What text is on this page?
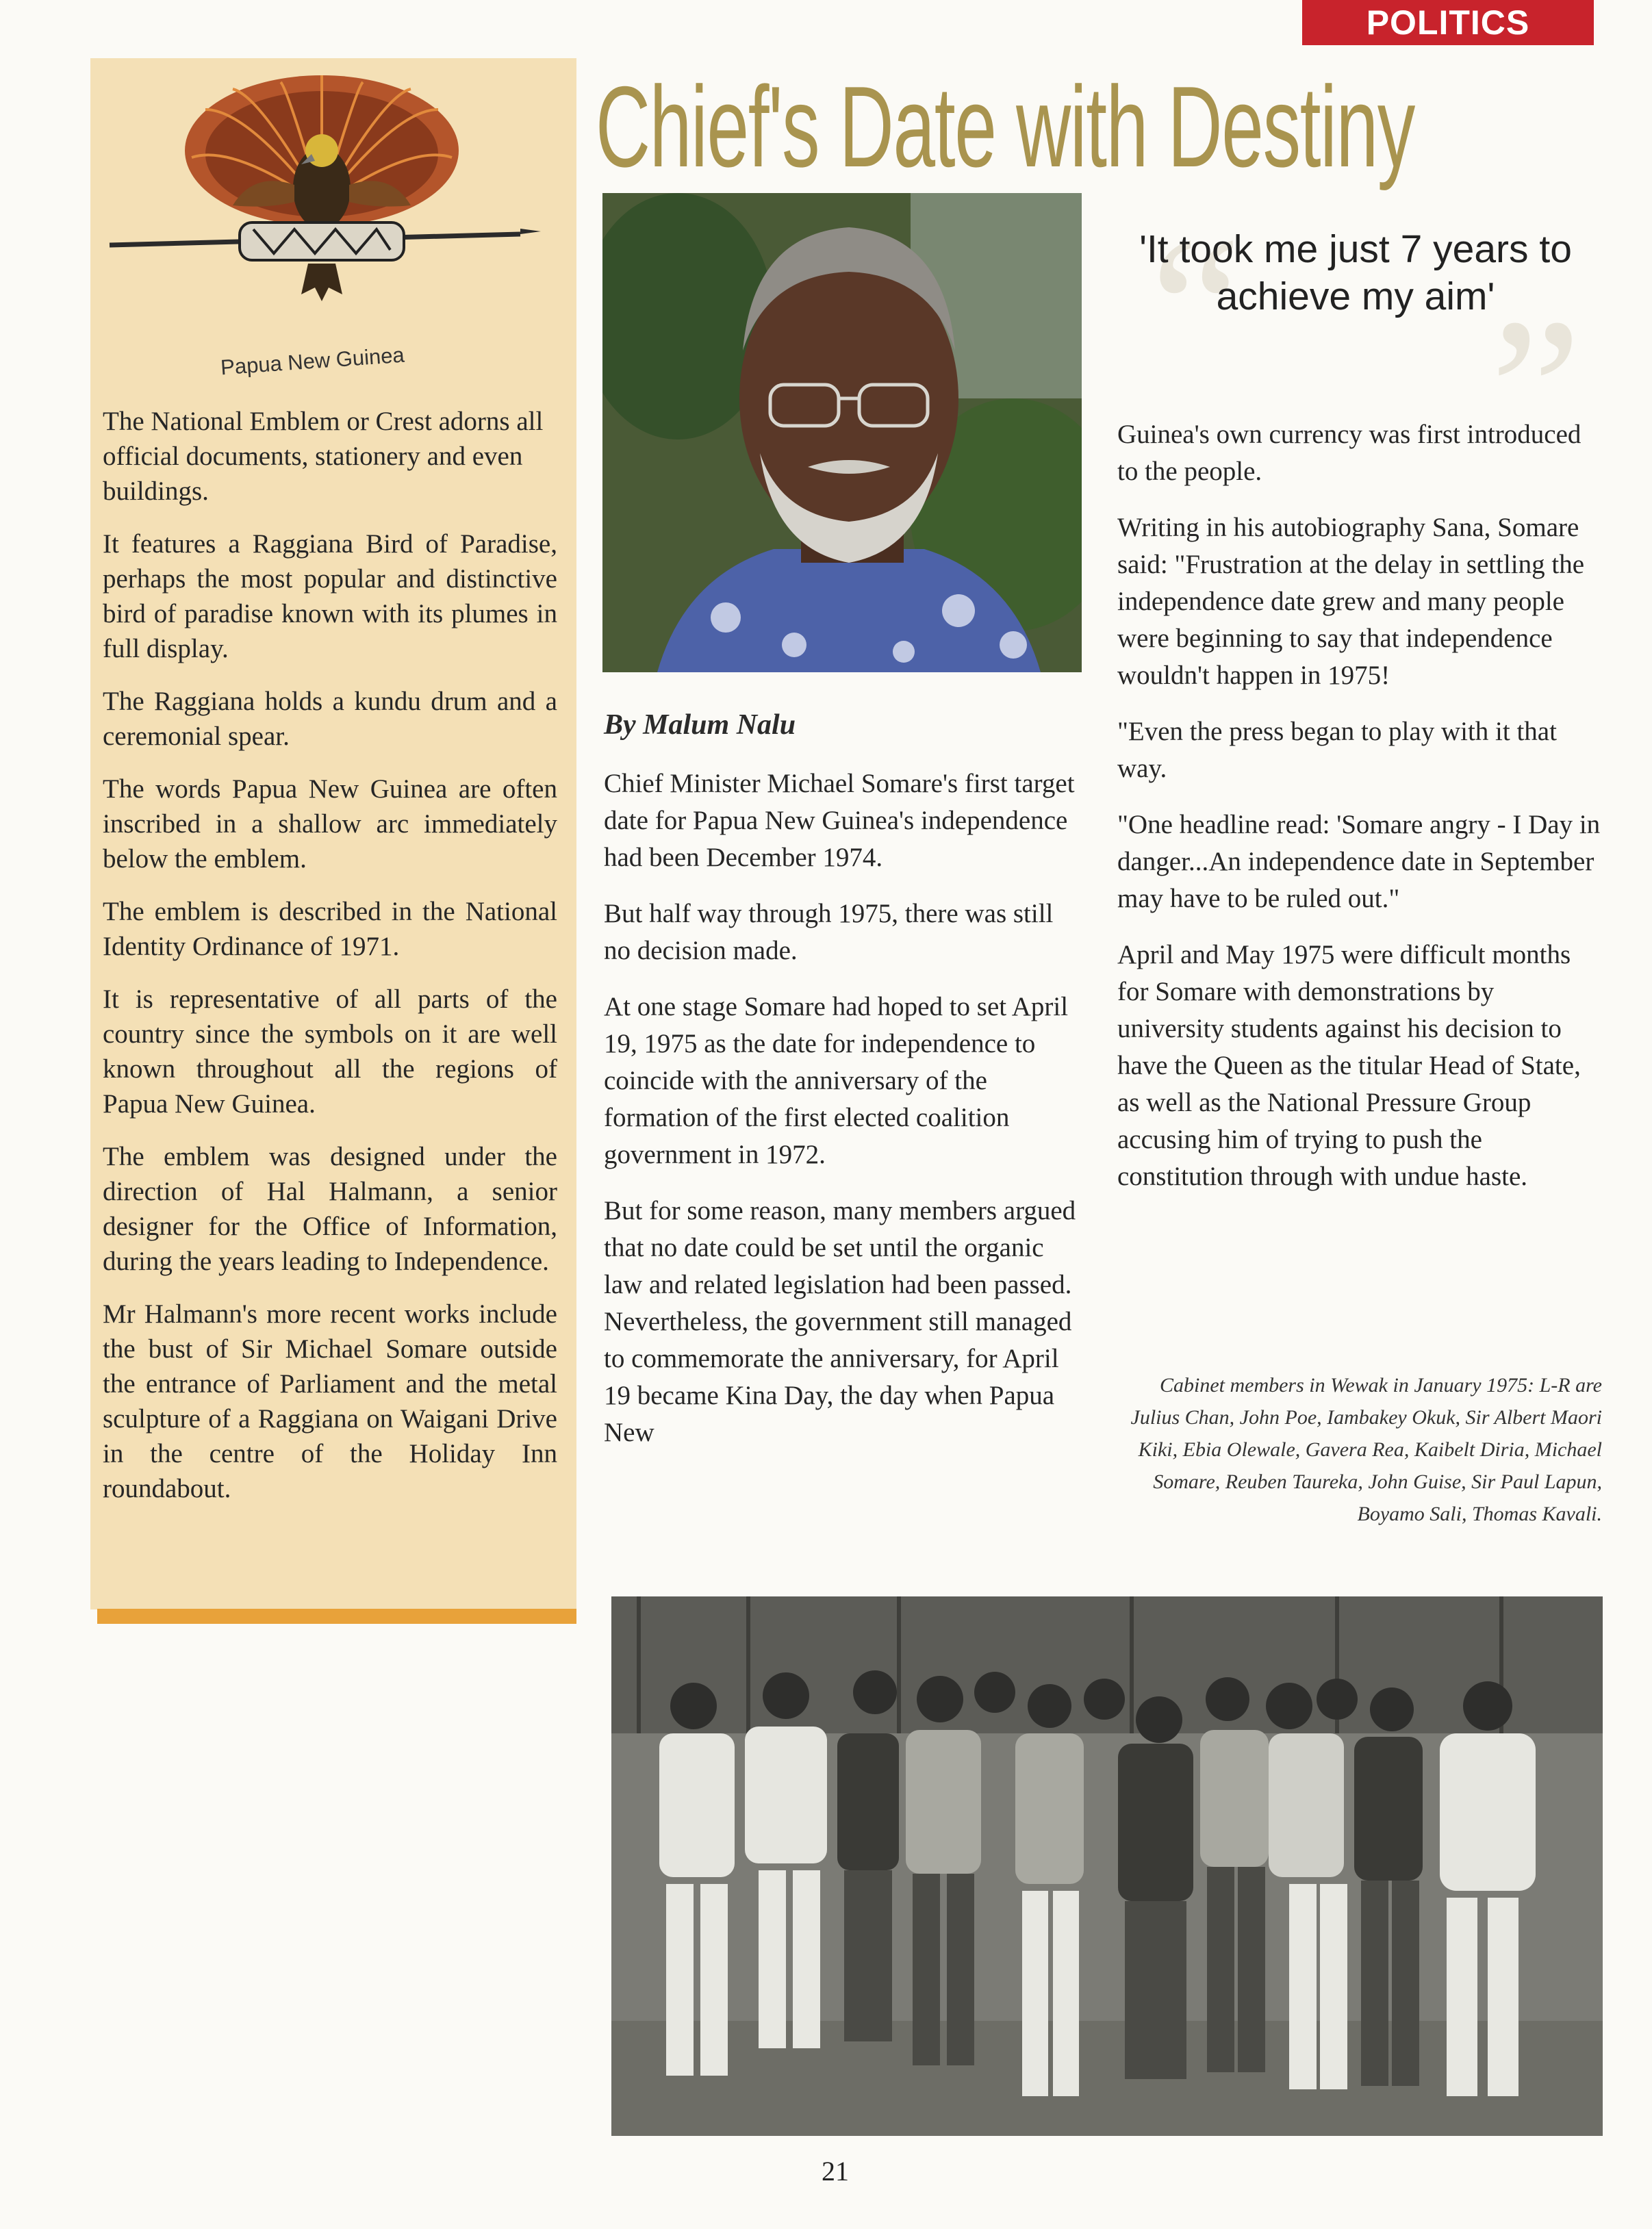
POLITICS
Papua New Guinea

The National Emblem or Crest adorns all official documents, stationery and even buildings.

It features a Raggiana Bird of Paradise, perhaps the most popular and distinctive bird of paradise known with its plumes in full display.

The Raggiana holds a kundu drum and a ceremonial spear.

The words Papua New Guinea are often inscribed in a shallow arc immediately below the emblem.

The emblem is described in the National Identity Ordinance of 1971.

It is representative of all parts of the country since the symbols on it are well known throughout all the regions of Papua New Guinea.

The emblem was designed under the direction of Hal Halmann, a senior designer for the Office of Information, during the years leading to Independence.

Mr Halmann's more recent works include the bust of Sir Michael Somare outside the entrance of Parliament and the metal sculpture of a Raggiana on Waigani Drive in the centre of the Holiday Inn roundabout.

Chief's Date with Destiny
“ ”
'It took me just 7 years to achieve my aim'
By Malum Nalu

Chief Minister Michael Somare's first target date for Papua New Guinea's independence had been December 1974.

But half way through 1975, there was still no decision made.

At one stage Somare had hoped to set April 19, 1975 as the date for independence to coincide with the anniversary of the formation of the first elected coalition government in 1972.

But for some reason, many members argued that no date could be set until the organic law and related legislation had been passed. Nevertheless, the government still managed to commemorate the anniversary, for April 19 became Kina Day, the day when Papua New

Guinea's own currency was first introduced to the people.

Writing in his autobiography Sana, Somare said: "Frustration at the delay in settling the independence date grew and many people were beginning to say that independence wouldn't happen in 1975!

"Even the press began to play with it that way.

"One headline read: 'Somare angry - I Day in danger...An independence date in September may have to be ruled out."

April and May 1975 were difficult months for Somare with demonstrations by university students against his decision to have the Queen as the titular Head of State, as well as the National Pressure Group accusing him of trying to push the constitution through with undue haste.

Cabinet members in Wewak in January 1975: L-R are Julius Chan, John Poe, Iambakey Okuk, Sir Albert Maori Kiki, Ebia Olewale, Gavera Rea, Kaibelt Diria, Michael Somare, Reuben Taureka, John Guise, Sir Paul Lapun, Boyamo Sali, Thomas Kavali.
21
